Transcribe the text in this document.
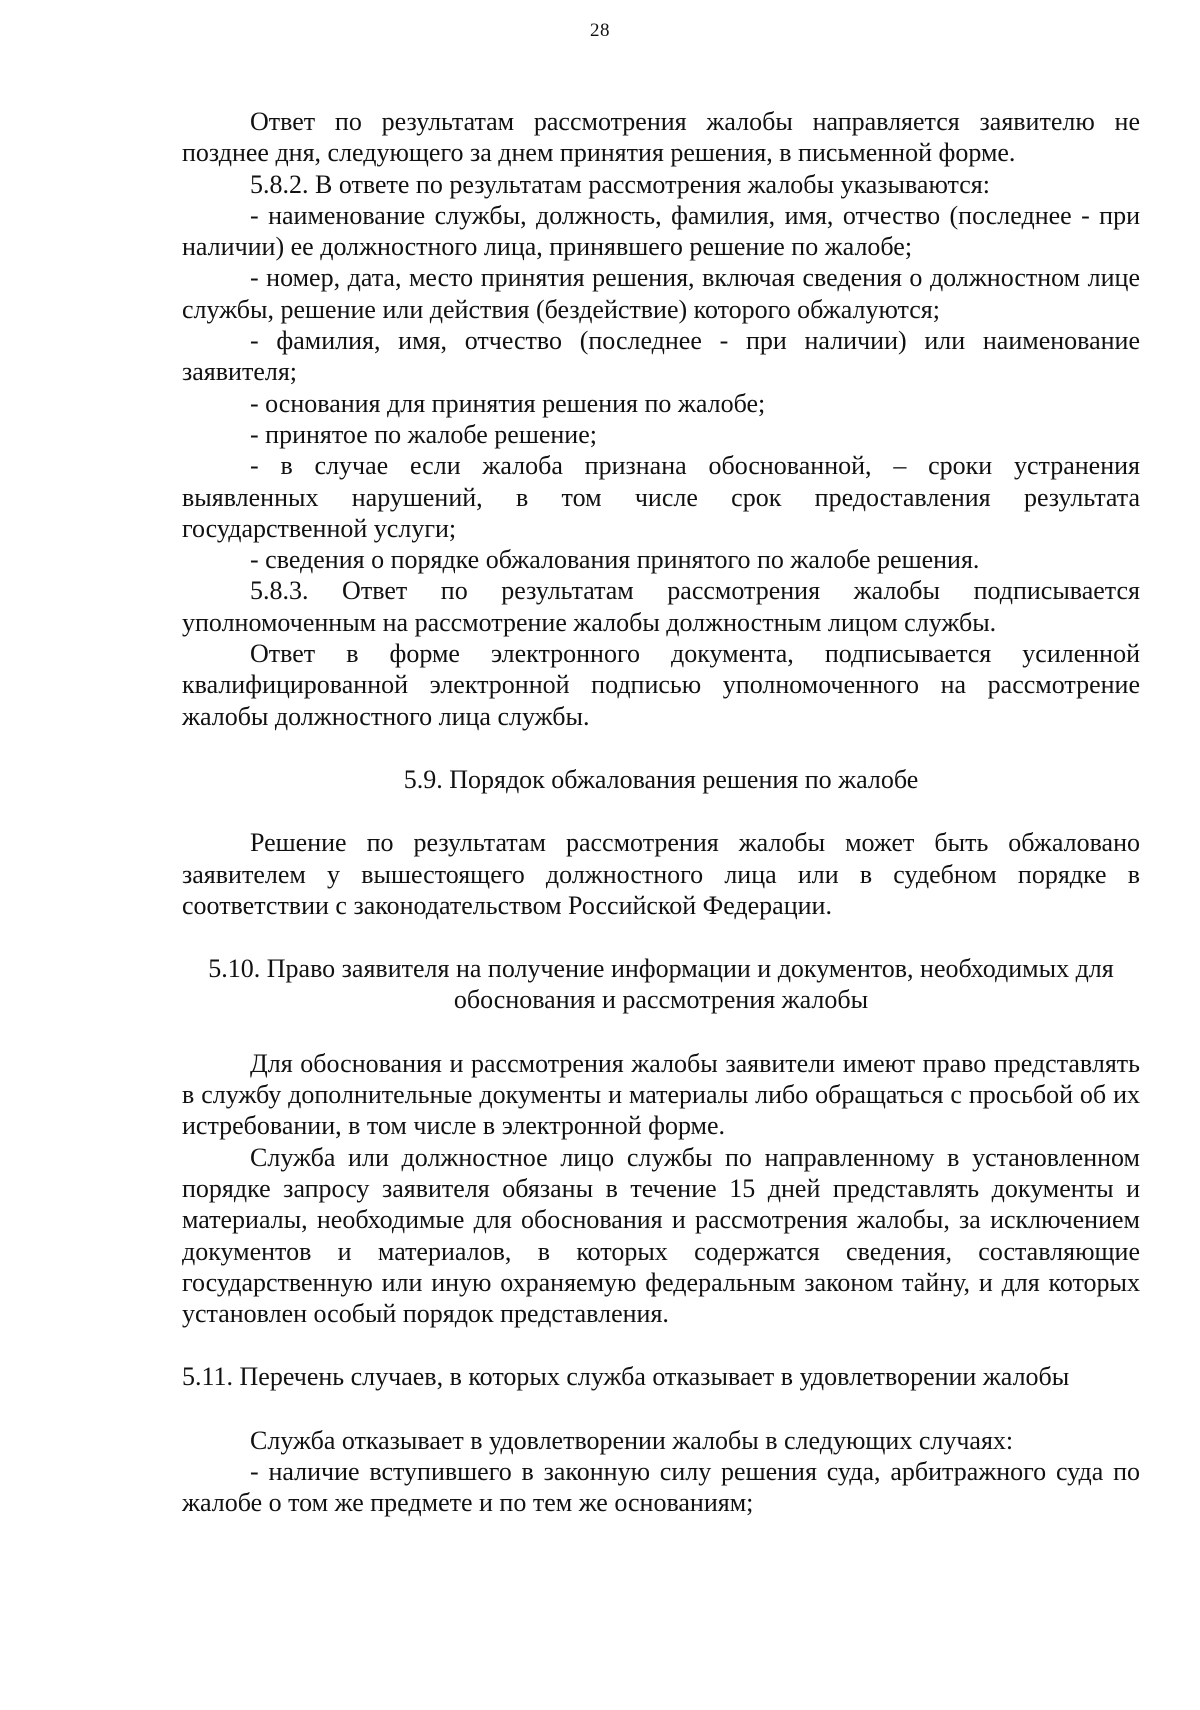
28

Ответ по результатам рассмотрения жалобы направляется заявителю не позднее дня, следующего за днем принятия решения, в письменной форме.

5.8.2. В ответе по результатам рассмотрения жалобы указываются:

- наименование службы, должность, фамилия, имя, отчество (последнее - при наличии) ее должностного лица, принявшего решение по жалобе;

- номер, дата, место принятия решения, включая сведения о должностном лице службы, решение или действия (бездействие) которого обжалуются;

- фамилия, имя, отчество (последнее - при наличии) или наименование заявителя;

- основания для принятия решения по жалобе;

- принятое по жалобе решение;

- в случае если жалоба признана обоснованной, – сроки устранения выявленных нарушений, в том числе срок предоставления результата государственной услуги;

- сведения о порядке обжалования принятого по жалобе решения.

5.8.3. Ответ по результатам рассмотрения жалобы подписывается уполномоченным на рассмотрение жалобы должностным лицом службы.

Ответ в форме электронного документа, подписывается усиленной квалифицированной электронной подписью уполномоченного на рассмотрение жалобы должностного лица службы.

5.9. Порядок обжалования решения по жалобе

Решение по результатам рассмотрения жалобы может быть обжаловано заявителем у вышестоящего должностного лица или в судебном порядке в соответствии с законодательством Российской Федерации.

5.10. Право заявителя на получение информации и документов, необходимых для обоснования и рассмотрения жалобы

Для обоснования и рассмотрения жалобы заявители имеют право представлять в службу дополнительные документы и материалы либо обращаться с просьбой об их истребовании, в том числе в электронной форме.

Служба или должностное лицо службы по направленному в установленном порядке запросу заявителя обязаны в течение 15 дней представлять документы и материалы, необходимые для обоснования и рассмотрения жалобы, за исключением документов и материалов, в которых содержатся сведения, составляющие государственную или иную охраняемую федеральным законом тайну, и для которых установлен особый порядок представления.

5.11. Перечень случаев, в которых служба отказывает в удовлетворении жалобы

Служба отказывает в удовлетворении жалобы в следующих случаях:

- наличие вступившего в законную силу решения суда, арбитражного суда по жалобе о том же предмете и по тем же основаниям;
